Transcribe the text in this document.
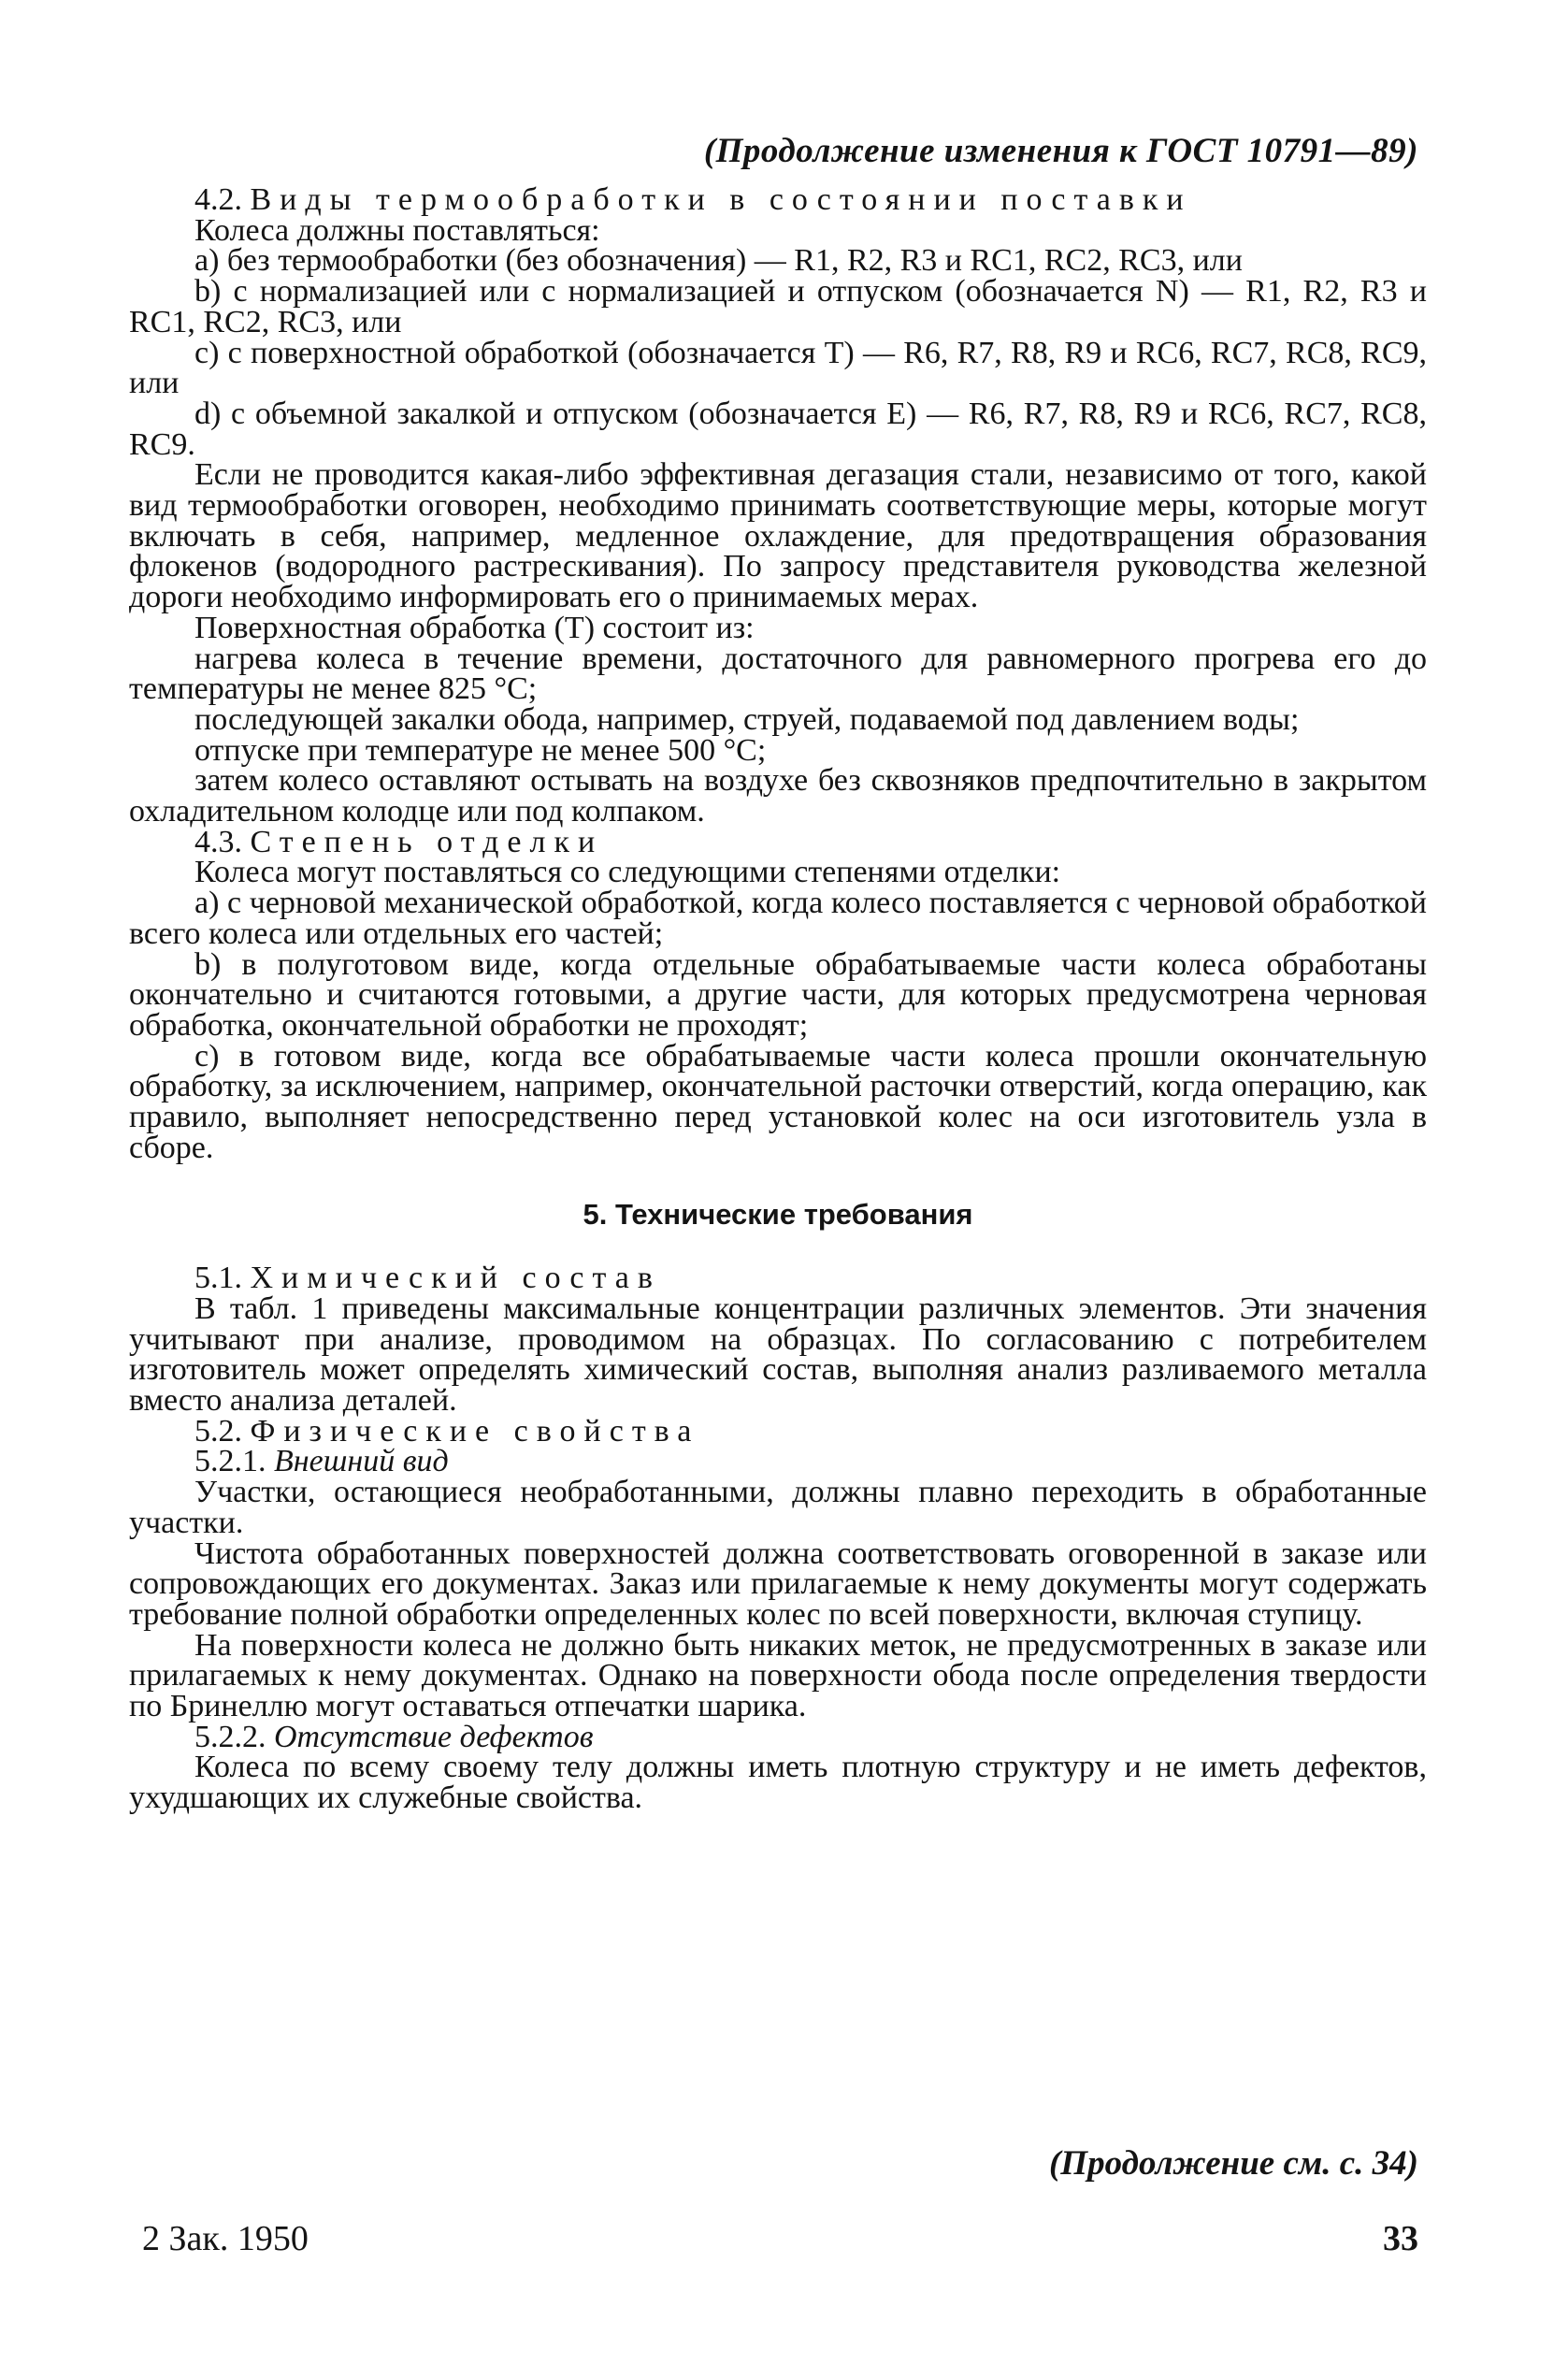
(Продолжение изменения к ГОСТ 10791—89)

4.2. Виды термообработки в состоянии поставки

Колеса должны поставляться:

а) без термообработки (без обозначения) — R1, R2, R3 и RC1, RC2, RC3, или

b) с нормализацией или с нормализацией и отпуском (обозначается N) — R1, R2, R3 и RC1, RC2, RC3, или

с) с поверхностной обработкой (обозначается Т) — R6, R7, R8, R9 и RC6, RC7, RC8, RC9, или

d) с объемной закалкой и отпуском (обозначается Е) — R6, R7, R8, R9 и RC6, RC7, RC8, RC9.

Если не проводится какая-либо эффективная дегазация стали, независимо от того, какой вид термообработки оговорен, необходимо принимать соответствующие меры, которые могут включать в себя, например, медленное охлаждение, для предотвращения образования флокенов (водородного растрескивания). По запросу представителя руководства железной дороги необходимо информировать его о принимаемых мерах.

Поверхностная обработка (Т) состоит из:

нагрева колеса в течение времени, достаточного для равномерного прогрева его до температуры не менее 825 °С;

последующей закалки обода, например, струей, подаваемой под давлением воды;

отпуске при температуре не менее 500 °С;

затем колесо оставляют остывать на воздухе без сквозняков предпочтительно в закрытом охладительном колодце или под колпаком.

4.3. Степень отделки

Колеса могут поставляться со следующими степенями отделки:

а) с черновой механической обработкой, когда колесо поставляется с черновой обработкой всего колеса или отдельных его частей;

b) в полуготовом виде, когда отдельные обрабатываемые части колеса обработаны окончательно и считаются готовыми, а другие части, для которых предусмотрена черновая обработка, окончательной обработки не проходят;

с) в готовом виде, когда все обрабатываемые части колеса прошли окончательную обработку, за исключением, например, окончательной расточки отверстий, когда операцию, как правило, выполняет непосредственно перед установкой колес на оси изготовитель узла в сборе.

5. Технические требования

5.1. Химический состав

В табл. 1 приведены максимальные концентрации различных элементов. Эти значения учитывают при анализе, проводимом на образцах. По согласованию с потребителем изготовитель может определять химический состав, выполняя анализ разливаемого металла вместо анализа деталей.

5.2. Физические свойства

5.2.1. Внешний вид

Участки, остающиеся необработанными, должны плавно переходить в обработанные участки.

Чистота обработанных поверхностей должна соответствовать оговоренной в заказе или сопровождающих его документах. Заказ или прилагаемые к нему документы могут содержать требование полной обработки определенных колес по всей поверхности, включая ступицу.

На поверхности колеса не должно быть никаких меток, не предусмотренных в заказе или прилагаемых к нему документах. Однако на поверхности обода после определения твердости по Бринеллю могут оставаться отпечатки шарика.

5.2.2. Отсутствие дефектов

Колеса по всему своему телу должны иметь плотную структуру и не иметь дефектов, ухудшающих их служебные свойства.

(Продолжение см. с. 34)
2 Зак. 1950	33
